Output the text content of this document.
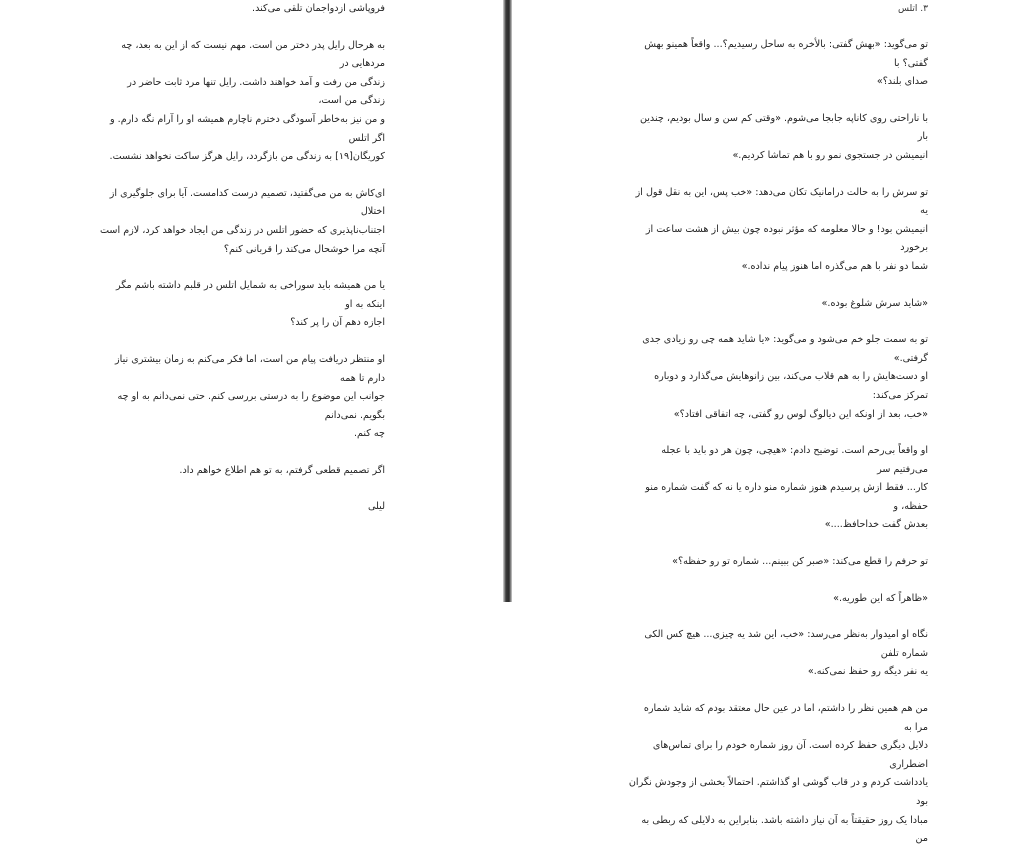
فروپاشی ازدواجمان تلقی می‌کند.

به هرحال رایل پدر دختر من است. مهم نیست که از این به بعد، چه مردهایی در
زندگی من رفت و آمد خواهند داشت. رایل تنها مرد ثابت حاضر در زندگی من است،
و من نیز به‌خاطر آسودگی دخترم ناچارم همیشه او را آرام نگه دارم. و اگر اتلس
کوریگان[۱۹] به زندگی من بازگردد، رایل هرگز ساکت نخواهد نشست.

ای‌کاش به من می‌گفتید، تصمیم درست کدامست. آیا برای جلوگیری از اختلال
اجتناب‌ناپذیری که حضور اتلس در زندگی من ایجاد خواهد کرد، لازم است
آنچه مرا خوشحال می‌کند را قربانی کنم؟

یا من همیشه باید سوراخی به شمایل اتلس در قلبم داشته باشم مگر اینکه به او
اجازه دهم آن را پر کند؟

او منتظر دریافت پیام من است، اما فکر می‌کنم به زمان بیشتری نیاز دارم تا همه
جوانب این موضوع را به درستی بررسی کنم. حتی نمی‌دانم به او چه بگویم. نمی‌دانم
چه کنم.

اگر تصمیم قطعی گرفتم، به تو هم اطلاع خواهم داد.

لیلی

۳. اتلس

تو می‌گوید: «بهش گفتی: بالأخره به ساحل رسیدیم؟... واقعاً همینو بهش گفتی؟ با
صدای بلند؟»

با ناراحتی روی کاناپه جابجا می‌شوم. «وقتی کم سن و سال بودیم، چندین بار
انیمیشن در جستجوی نمو رو با هم تماشا کردیم.»

تو سرش را به حالت درامانیک تکان می‌دهد: «خب پس، این به نقل قول از یه
انیمیشن بود! و حالا معلومه که مؤثر نبوده چون بیش از هشت ساعت از برخورد
شما دو نفر با هم می‌گذره اما هنوز پیام نداده.»

«شاید سرش شلوغ بوده.»

تو به سمت جلو خم می‌شود و می‌گوید: «یا شاید همه چی رو زیادی جدی گرفتی.»
او دست‌هایش را به هم قلاب می‌کند، بین زانوهایش می‌گذارد و دوباره تمرکز می‌کند:
«خب، بعد از اونکه این دیالوگ لوس رو گفتی، چه اتفاقی افتاد؟»

او واقعاً بی‌رحم است. توضیح دادم: «هیچی، چون هر دو باید با عجله می‌رفتیم سر
کار... فقط ازش پرسیدم هنوز شماره منو داره یا نه که گفت شماره منو حفظه، و
بعدش گفت خداحافظ....»

تو حرفم را قطع می‌کند: «صبر کن ببینم... شماره تو رو حفظه؟»

«ظاهراً که این طوریه.»

نگاه او امیدوار به‌نظر می‌رسد: «خب، این شد یه چیزی... هیچ کس الکی شماره تلفن
یه نفر دیگه رو حفظ نمی‌کنه.»

من هم همین نظر را داشتم، اما در عین حال معتقد بودم که شاید شماره مرا به
دلایل دیگری حفظ کرده است. آن روز شماره خودم را برای تماس‌های اضطراری
یادداشت کردم و در قاب گوشی او گذاشتم. احتمالاً بخشی از وجودش نگران بود
مبادا یک روز حقیقتاً به آن نیاز داشته باشد. بنابراین به دلایلی که ربطی به من
